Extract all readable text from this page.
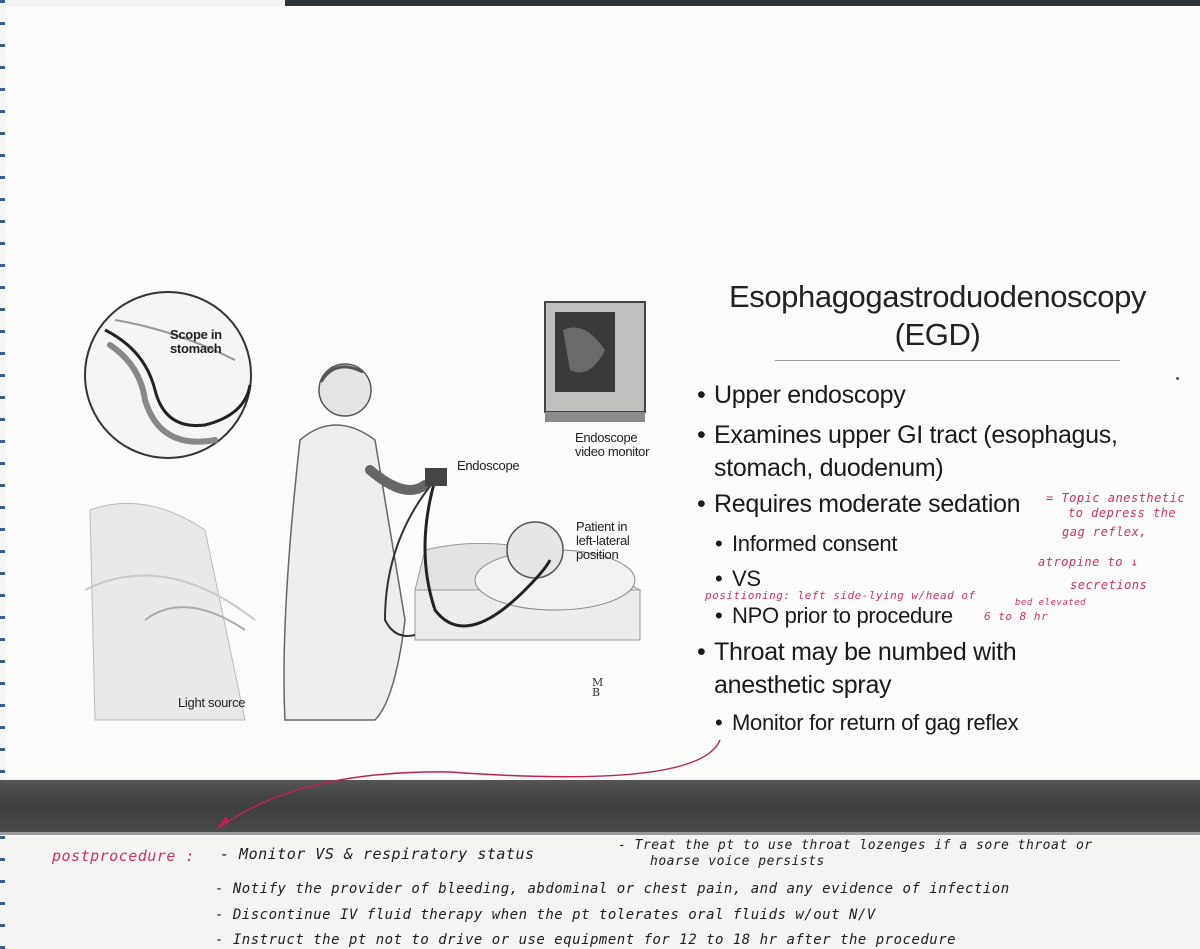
Scope in stomach
Endoscope
Endoscope video monitor
Patient in left-lateral position
Light source
MB
Esophagogastroduodenoscopy
(EGD)
• Upper endoscopy
• Examines upper GI tract (esophagus, stomach, duodenum)
• Requires moderate sedation
• Informed consent
• VS
• NPO prior to procedure
• Throat may be numbed with anesthetic spray
• Monitor for return of gag reflex
= Topic anesthetic
to depress the
gag reflex,
atropine to ↓
secretions
positioning: left side-lying w/head of
bed elevated
6 to 8 hr
postprocedure : - Monitor VS & respiratory status	- Treat the pt to use throat lozenges if a sore throat or
hoarse voice persists
- Notify the provider of bleeding, abdominal or chest pain, and any evidence of infection
- Discontinue IV fluid therapy when the pt tolerates oral fluids w/out N/V
- Instruct the pt not to drive or use equipment for 12 to 18 hr after the procedure
